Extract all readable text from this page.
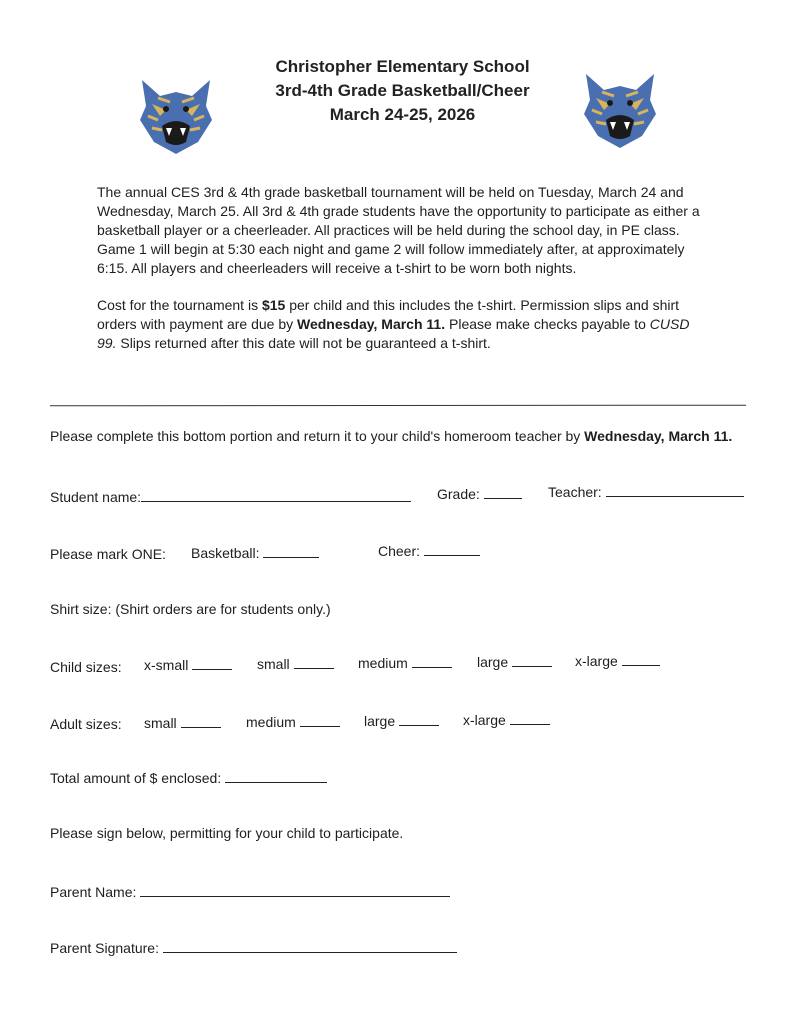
Christopher Elementary School
3rd-4th Grade Basketball/Cheer
March 24-25, 2026
The annual CES 3rd & 4th grade basketball tournament will be held on Tuesday, March 24 and Wednesday, March 25. All 3rd & 4th grade students have the opportunity to participate as either a basketball player or a cheerleader. All practices will be held during the school day, in PE class. Game 1 will begin at 5:30 each night and game 2 will follow immediately after, at approximately 6:15. All players and cheerleaders will receive a t-shirt to be worn both nights.
Cost for the tournament is $15 per child and this includes the t-shirt. Permission slips and shirt orders with payment are due by Wednesday, March 11. Please make checks payable to CUSD 99. Slips returned after this date will not be guaranteed a t-shirt.
Please complete this bottom portion and return it to your child's homeroom teacher by Wednesday, March 11.
Student name:	Grade:	Teacher:
Please mark ONE: Basketball:	Cheer:
Shirt size: (Shirt orders are for students only.)
Child sizes: x-small	small	medium	large	x-large
Adult sizes: small	medium	large	x-large
Total amount of $ enclosed:
Please sign below, permitting for your child to participate.
Parent Name:
Parent Signature:
